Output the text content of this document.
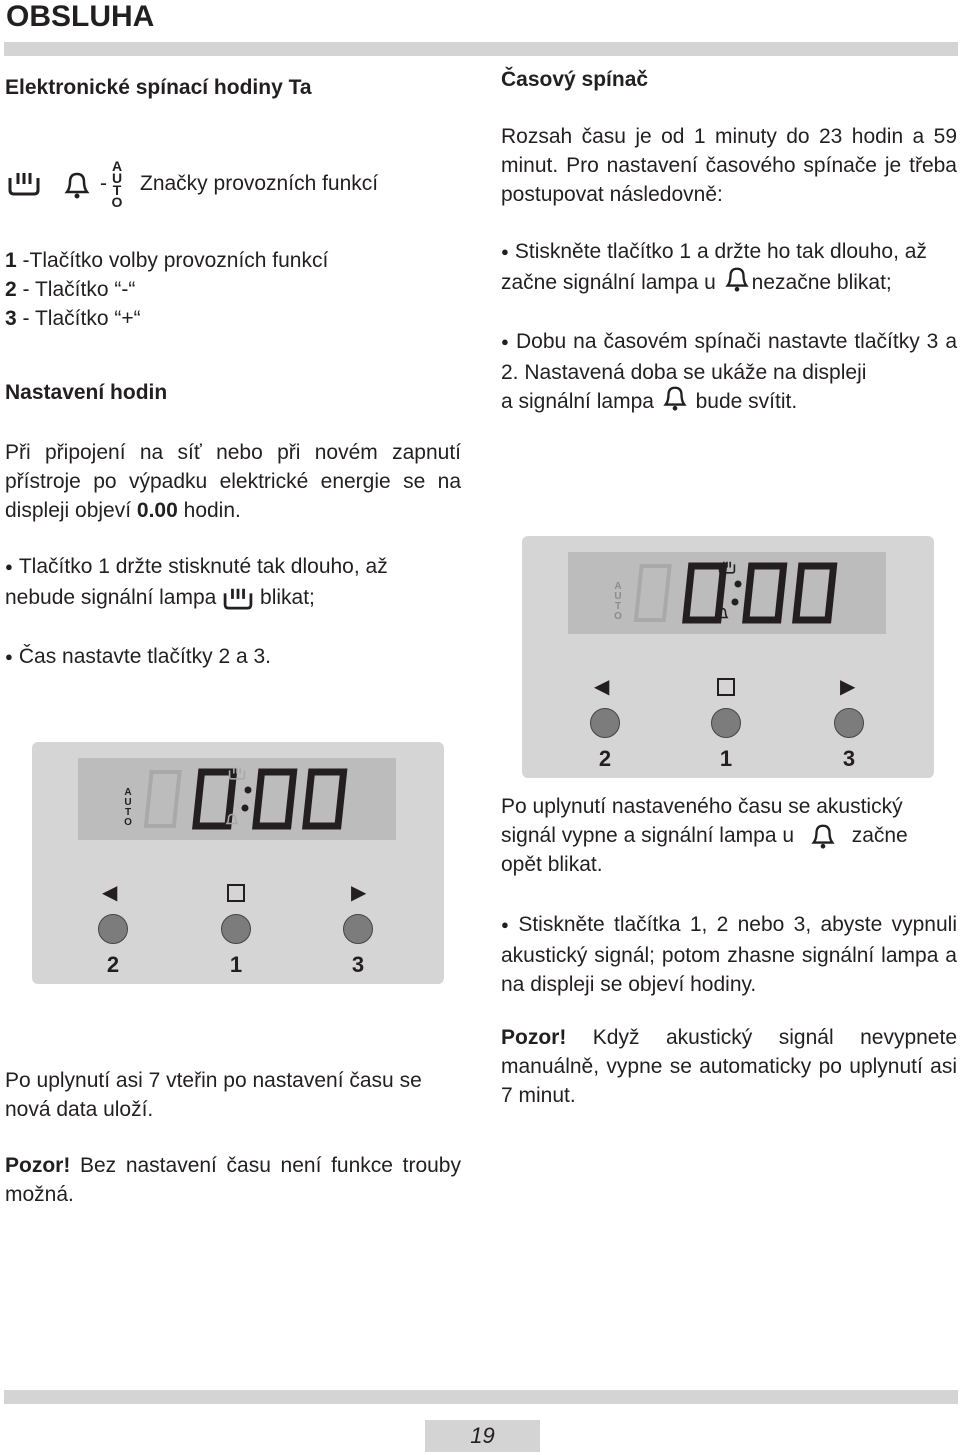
OBSLUHA
Elektronické spínací hodiny Ta
-
A
U
T
O
Značky provozních funkcí
1 -Tlačítko volby provozních funkcí
2 - Tlačítko “-“
3 - Tlačítko “+“
Nastavení hodin
Při připojení na síť nebo při novém zapnutí přístroje po výpadku elektrické energie se na displeji objeví 0.00 hodin.
● Tlačítko 1 držte stisknuté tak dlouho, až
nebude signální lampa blikat;
● Čas nastavte tlačítky 2 a 3.
A
U
T
O
◀	▶
2	1	3
Po uplynutí asi 7 vteřin po nastavení času se nová data uloží.
Pozor! Bez nastavení času není funkce trouby možná.
Časový spínač
Rozsah času je od 1 minuty do 23 hodin a 59 minut. Pro nastavení časového spínače je třeba postupovat následovně:
● Stiskněte tlačítko 1 a držte ho tak dlouho, až
začne signální lampa u nezačne blikat;
● Dobu na časovém spínači nastavte tlačítky 3 a 2. Nastavená doba se ukáže na displeji
a signální lampa bude svítit.
A
U
T
O
◀	▶
2	1	3
Po uplynutí nastaveného času se akustický
signál vypne a signální lampa u	začne
opět blikat.
● Stiskněte tlačítka 1, 2 nebo 3, abyste vypnuli akustický signál; potom zhasne signální lampa a na displeji se objeví hodiny.
Pozor! Když akustický signál nevypnete manuálně, vypne se automaticky po uplynutí asi 7 minut.
19
